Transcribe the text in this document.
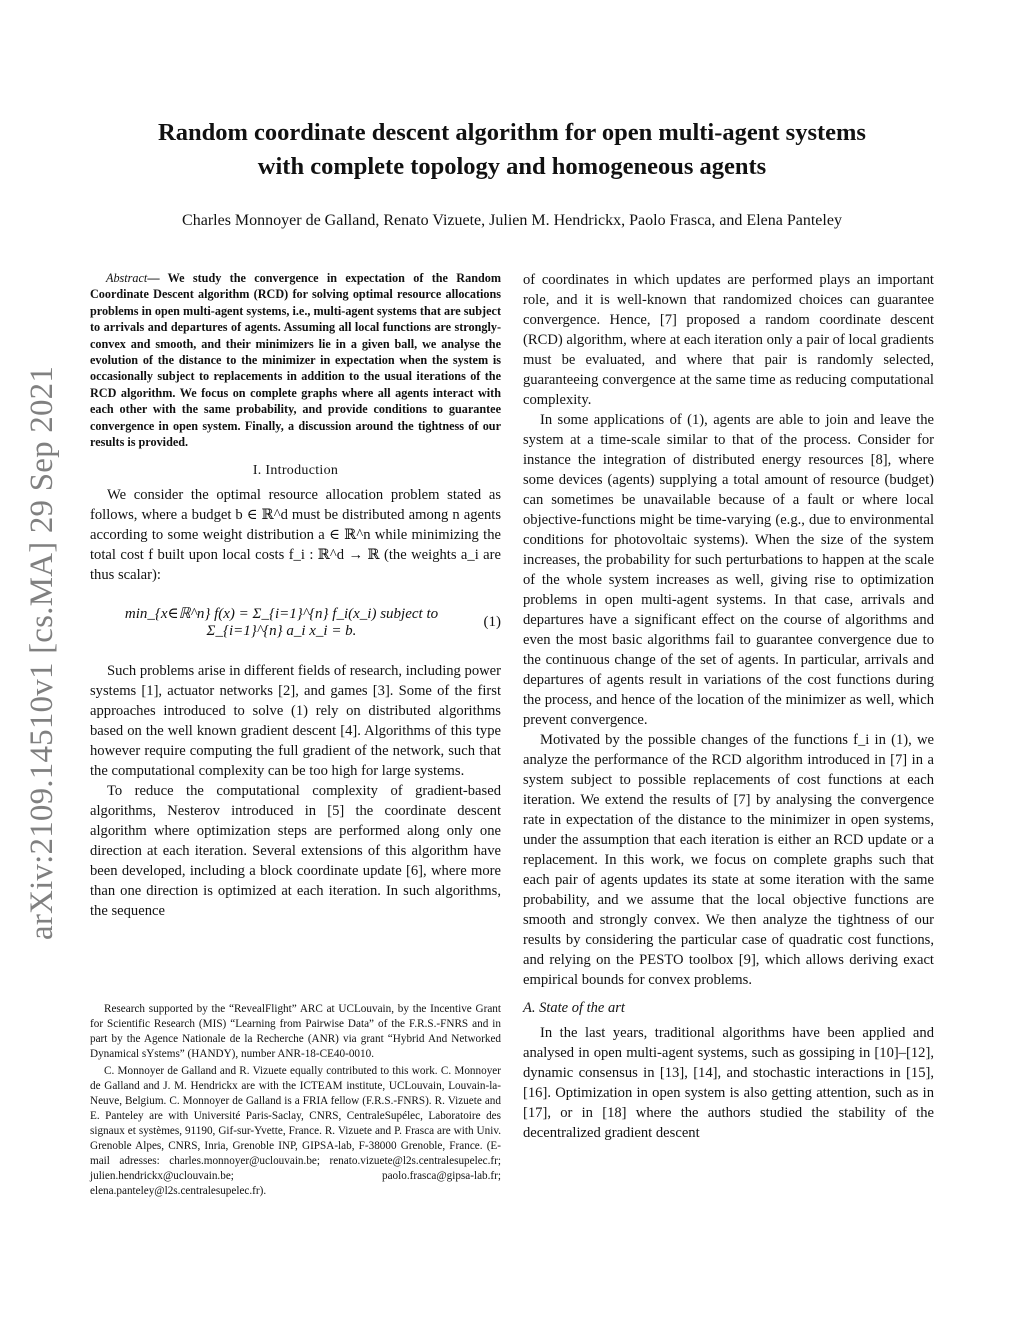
arXiv:2109.14510v1 [cs.MA] 29 Sep 2021
Random coordinate descent algorithm for open multi-agent systems
with complete topology and homogeneous agents
Charles Monnoyer de Galland, Renato Vizuete, Julien M. Hendrickx, Paolo Frasca, and Elena Panteley
Abstract— We study the convergence in expectation of the Random Coordinate Descent algorithm (RCD) for solving optimal resource allocations problems in open multi-agent systems, i.e., multi-agent systems that are subject to arrivals and departures of agents. Assuming all local functions are strongly-convex and smooth, and their minimizers lie in a given ball, we analyse the evolution of the distance to the minimizer in expectation when the system is occasionally subject to replacements in addition to the usual iterations of the RCD algorithm. We focus on complete graphs where all agents interact with each other with the same probability, and provide conditions to guarantee convergence in open system. Finally, a discussion around the tightness of our results is provided.
I. Introduction

We consider the optimal resource allocation problem stated as follows, where a budget b ∈ ℝ^d must be distributed among n agents according to some weight distribution a ∈ ℝ^n while minimizing the total cost f built upon local costs f_i : ℝ^d → ℝ (the weights a_i are thus scalar):

min_{x∈ℝ^n} f(x) = Σ_{i=1}^{n} f_i(x_i) subject to Σ_{i=1}^{n} a_i x_i = b.
(1)

Such problems arise in different fields of research, including power systems [1], actuator networks [2], and games [3]. Some of the first approaches introduced to solve (1) rely on distributed algorithms based on the well known gradient descent [4]. Algorithms of this type however require computing the full gradient of the network, such that the computational complexity can be too high for large systems.

To reduce the computational complexity of gradient-based algorithms, Nesterov introduced in [5] the coordinate descent algorithm where optimization steps are performed along only one direction at each iteration. Several extensions of this algorithm have been developed, including a block coordinate update [6], where more than one direction is optimized at each iteration. In such algorithms, the sequence

Research supported by the “RevealFlight” ARC at UCLouvain, by the Incentive Grant for Scientific Research (MIS) “Learning from Pairwise Data” of the F.R.S.-FNRS and in part by the Agence Nationale de la Recherche (ANR) via grant “Hybrid And Networked Dynamical sYstems” (HANDY), number ANR-18-CE40-0010.

C. Monnoyer de Galland and R. Vizuete equally contributed to this work. C. Monnoyer de Galland and J. M. Hendrickx are with the ICTEAM institute, UCLouvain, Louvain-la-Neuve, Belgium. C. Monnoyer de Galland is a FRIA fellow (F.R.S.-FNRS). R. Vizuete and E. Panteley are with Université Paris-Saclay, CNRS, CentraleSupélec, Laboratoire des signaux et systèmes, 91190, Gif-sur-Yvette, France. R. Vizuete and P. Frasca are with Univ. Grenoble Alpes, CNRS, Inria, Grenoble INP, GIPSA-lab, F-38000 Grenoble, France. (E-mail adresses: charles.monnoyer@uclouvain.be; renato.vizuete@l2s.centralesupelec.fr; julien.hendrickx@uclouvain.be; paolo.frasca@gipsa-lab.fr; elena.panteley@l2s.centralesupelec.fr).

of coordinates in which updates are performed plays an important role, and it is well-known that randomized choices can guarantee convergence. Hence, [7] proposed a random coordinate descent (RCD) algorithm, where at each iteration only a pair of local gradients must be evaluated, and where that pair is randomly selected, guaranteeing convergence at the same time as reducing computational complexity.

In some applications of (1), agents are able to join and leave the system at a time-scale similar to that of the process. Consider for instance the integration of distributed energy resources [8], where some devices (agents) supplying a total amount of resource (budget) can sometimes be unavailable because of a fault or where local objective-functions might be time-varying (e.g., due to environmental conditions for photovoltaic systems). When the size of the system increases, the probability for such perturbations to happen at the scale of the whole system increases as well, giving rise to optimization problems in open multi-agent systems. In that case, arrivals and departures have a significant effect on the course of algorithms and even the most basic algorithms fail to guarantee convergence due to the continuous change of the set of agents. In particular, arrivals and departures of agents result in variations of the cost functions during the process, and hence of the location of the minimizer as well, which prevent convergence.

Motivated by the possible changes of the functions f_i in (1), we analyze the performance of the RCD algorithm introduced in [7] in a system subject to possible replacements of cost functions at each iteration. We extend the results of [7] by analysing the convergence rate in expectation of the distance to the minimizer in open systems, under the assumption that each iteration is either an RCD update or a replacement. In this work, we focus on complete graphs such that each pair of agents updates its state at some iteration with the same probability, and we assume that the local objective functions are smooth and strongly convex. We then analyze the tightness of our results by considering the particular case of quadratic cost functions, and relying on the PESTO toolbox [9], which allows deriving exact empirical bounds for convex problems.

A. State of the art

In the last years, traditional algorithms have been applied and analysed in open multi-agent systems, such as gossiping in [10]–[12], dynamic consensus in [13], [14], and stochastic interactions in [15], [16]. Optimization in open system is also getting attention, such as in [17], or in [18] where the authors studied the stability of the decentralized gradient descent
